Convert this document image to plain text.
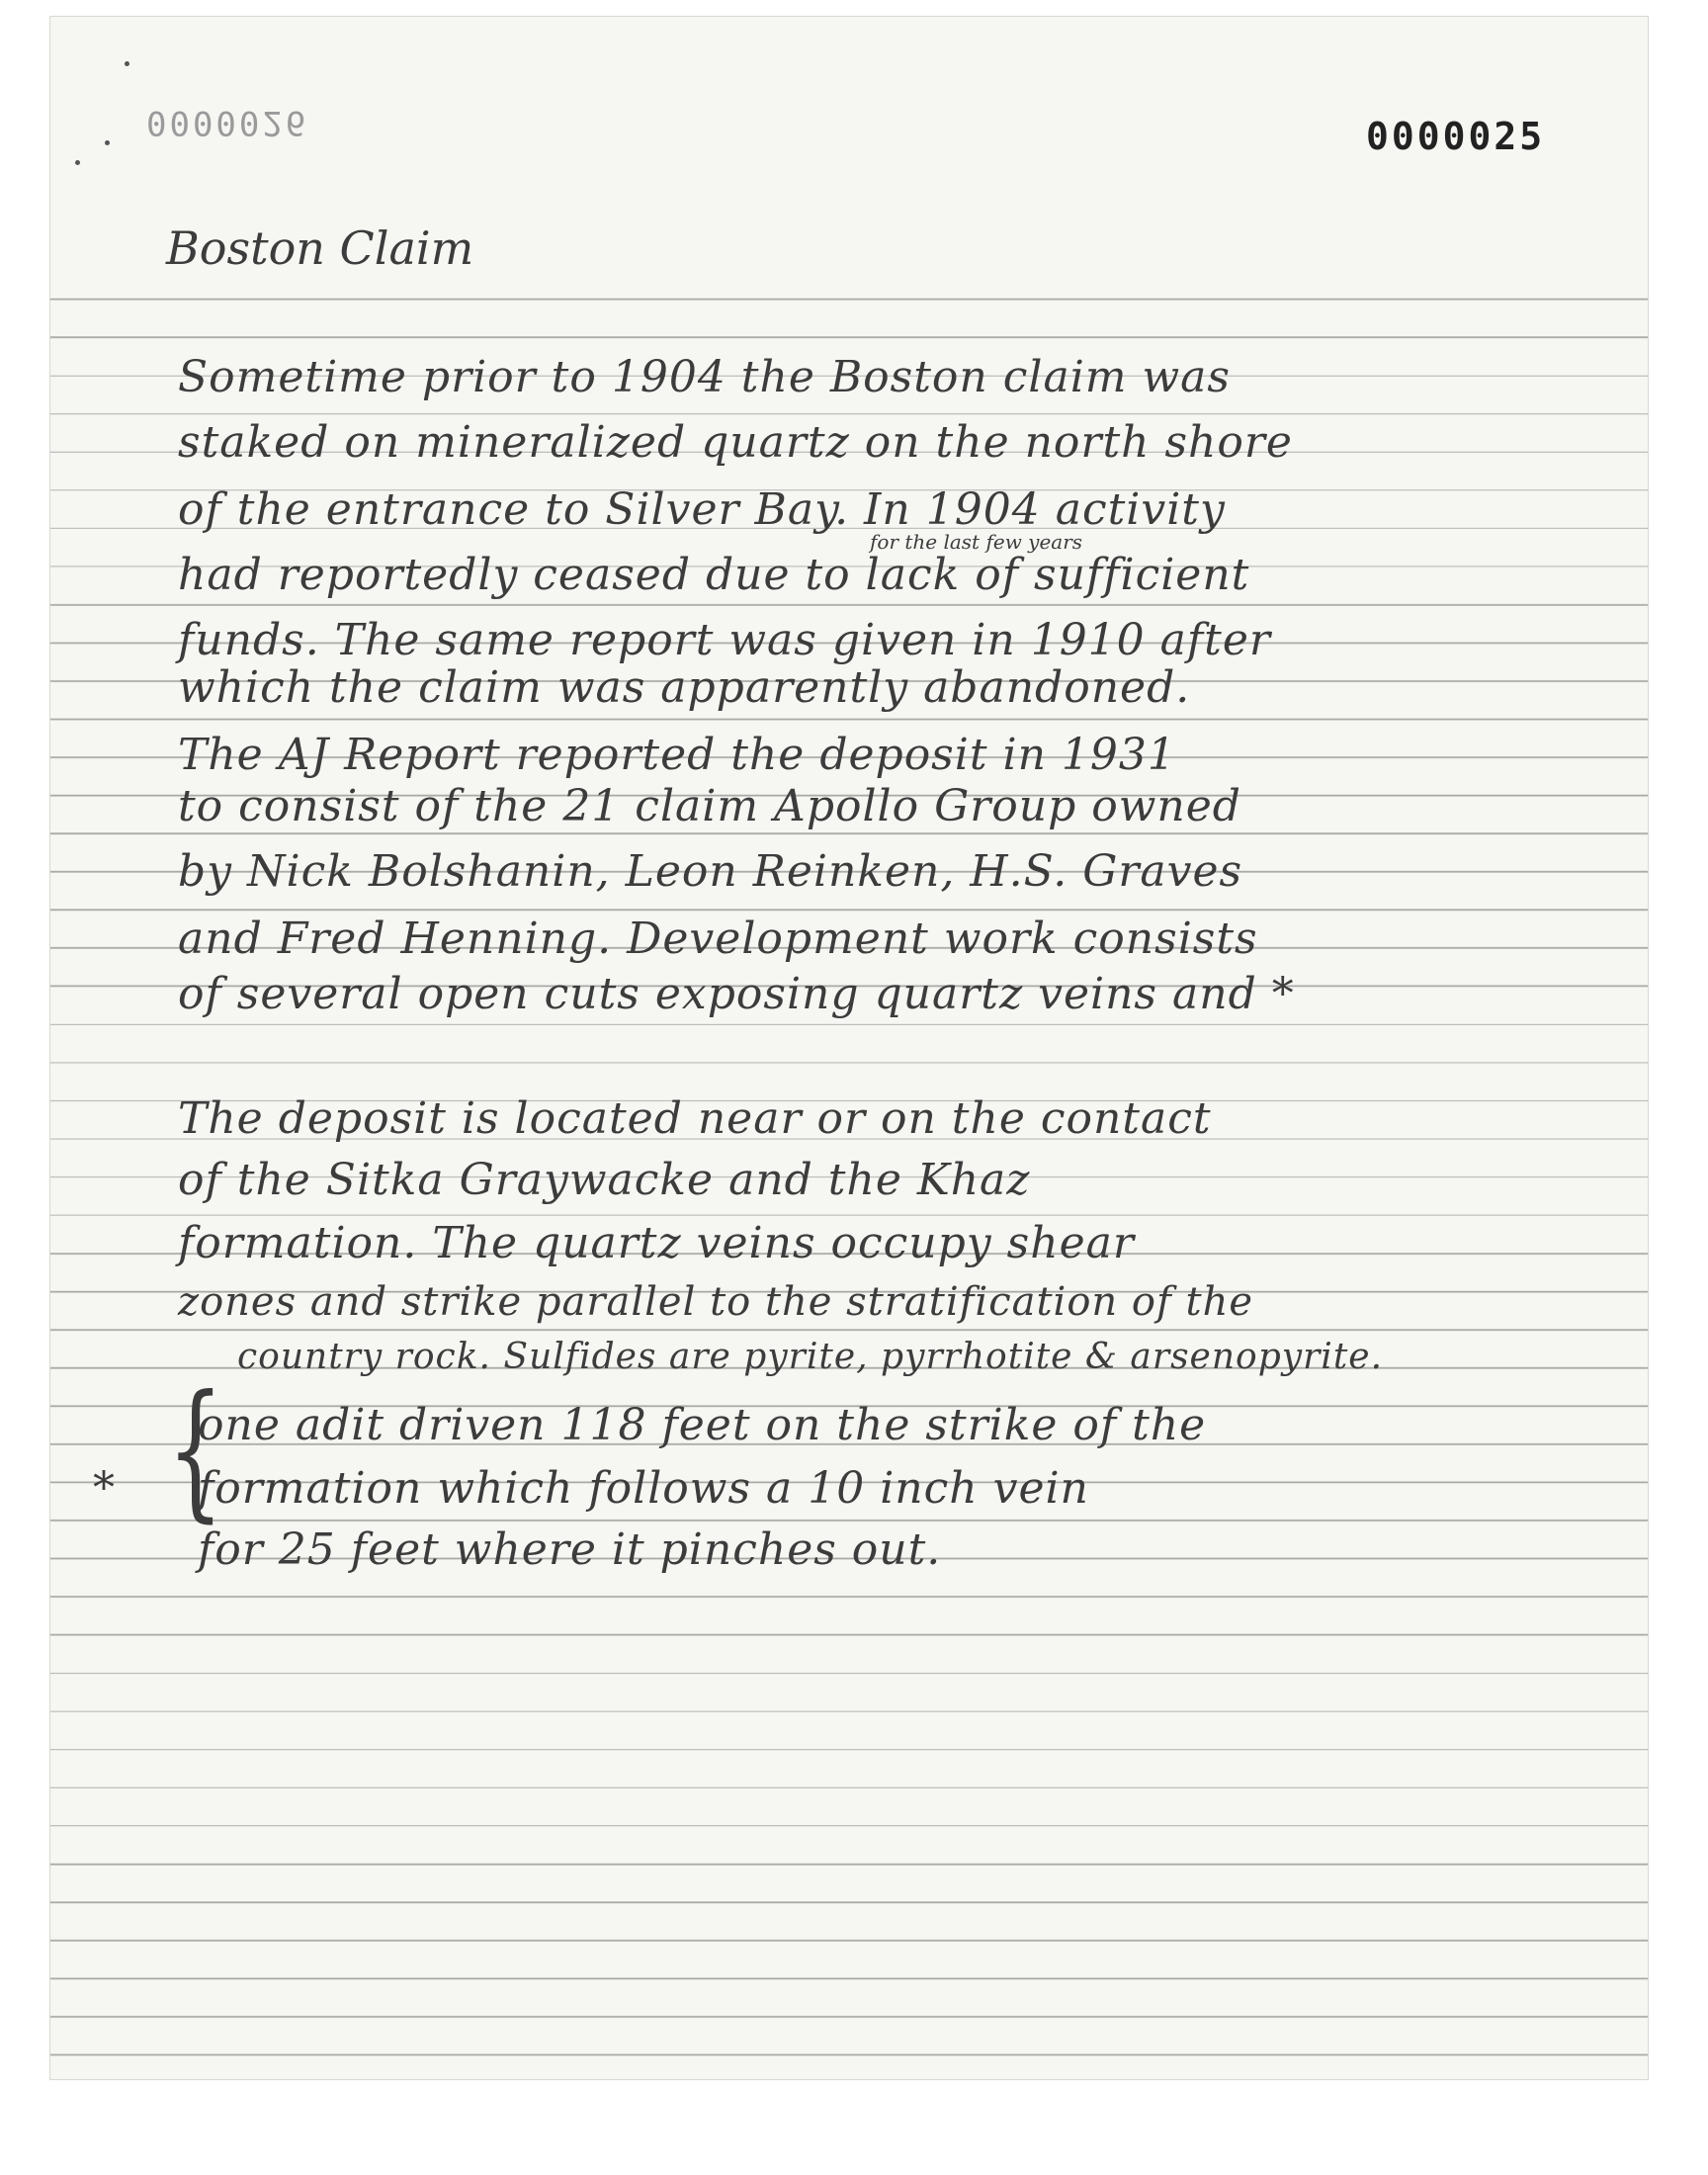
0000026	0000025
Boston Claim
Sometime prior to 1904 the Boston claim was
staked on mineralized quartz on the north shore
of the entrance to Silver Bay. In 1904 activity
for the last few years
had reportedly ceased due to lack of sufficient
funds. The same report was given in 1910 after
which the claim was apparently abandoned.
The AJ Report reported the deposit in 1931
to consist of the 21 claim Apollo Group owned
by Nick Bolshanin, Leon Reinken, H.S. Graves
and Fred Henning. Development work consists
of several open cuts exposing quartz veins and *
The deposit is located near or on the contact
of the Sitka Graywacke and the Khaz
formation. The quartz veins occupy shear
zones and strike parallel to the stratification of the
country rock. Sulfides are pyrite, pyrrhotite & arsenopyrite.
* {
one adit driven 118 feet on the strike of the
formation which follows a 10 inch vein
for 25 feet where it pinches out.
